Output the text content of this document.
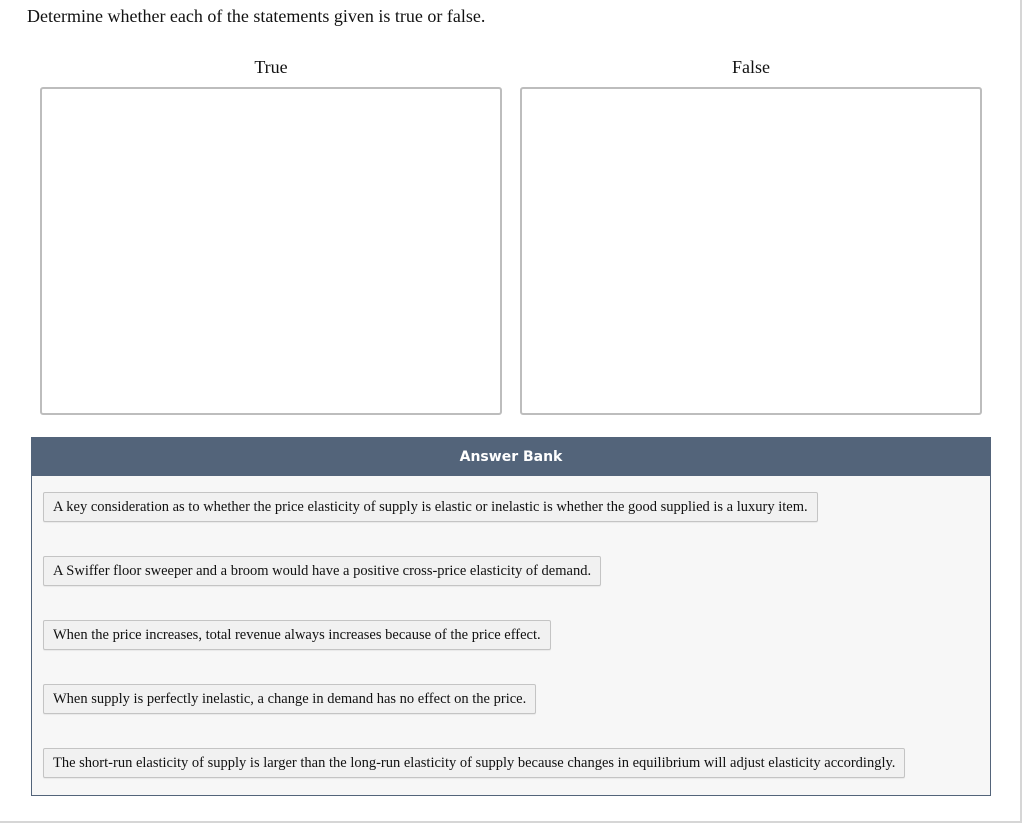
Determine whether each of the statements given is true or false.
True	False
Answer Bank
A key consideration as to whether the price elasticity of supply is elastic or inelastic is whether the good supplied is a luxury item.
A Swiffer floor sweeper and a broom would have a positive cross-price elasticity of demand.
When the price increases, total revenue always increases because of the price effect.
When supply is perfectly inelastic, a change in demand has no effect on the price.
The short-run elasticity of supply is larger than the long-run elasticity of supply because changes in equilibrium will adjust elasticity accordingly.
